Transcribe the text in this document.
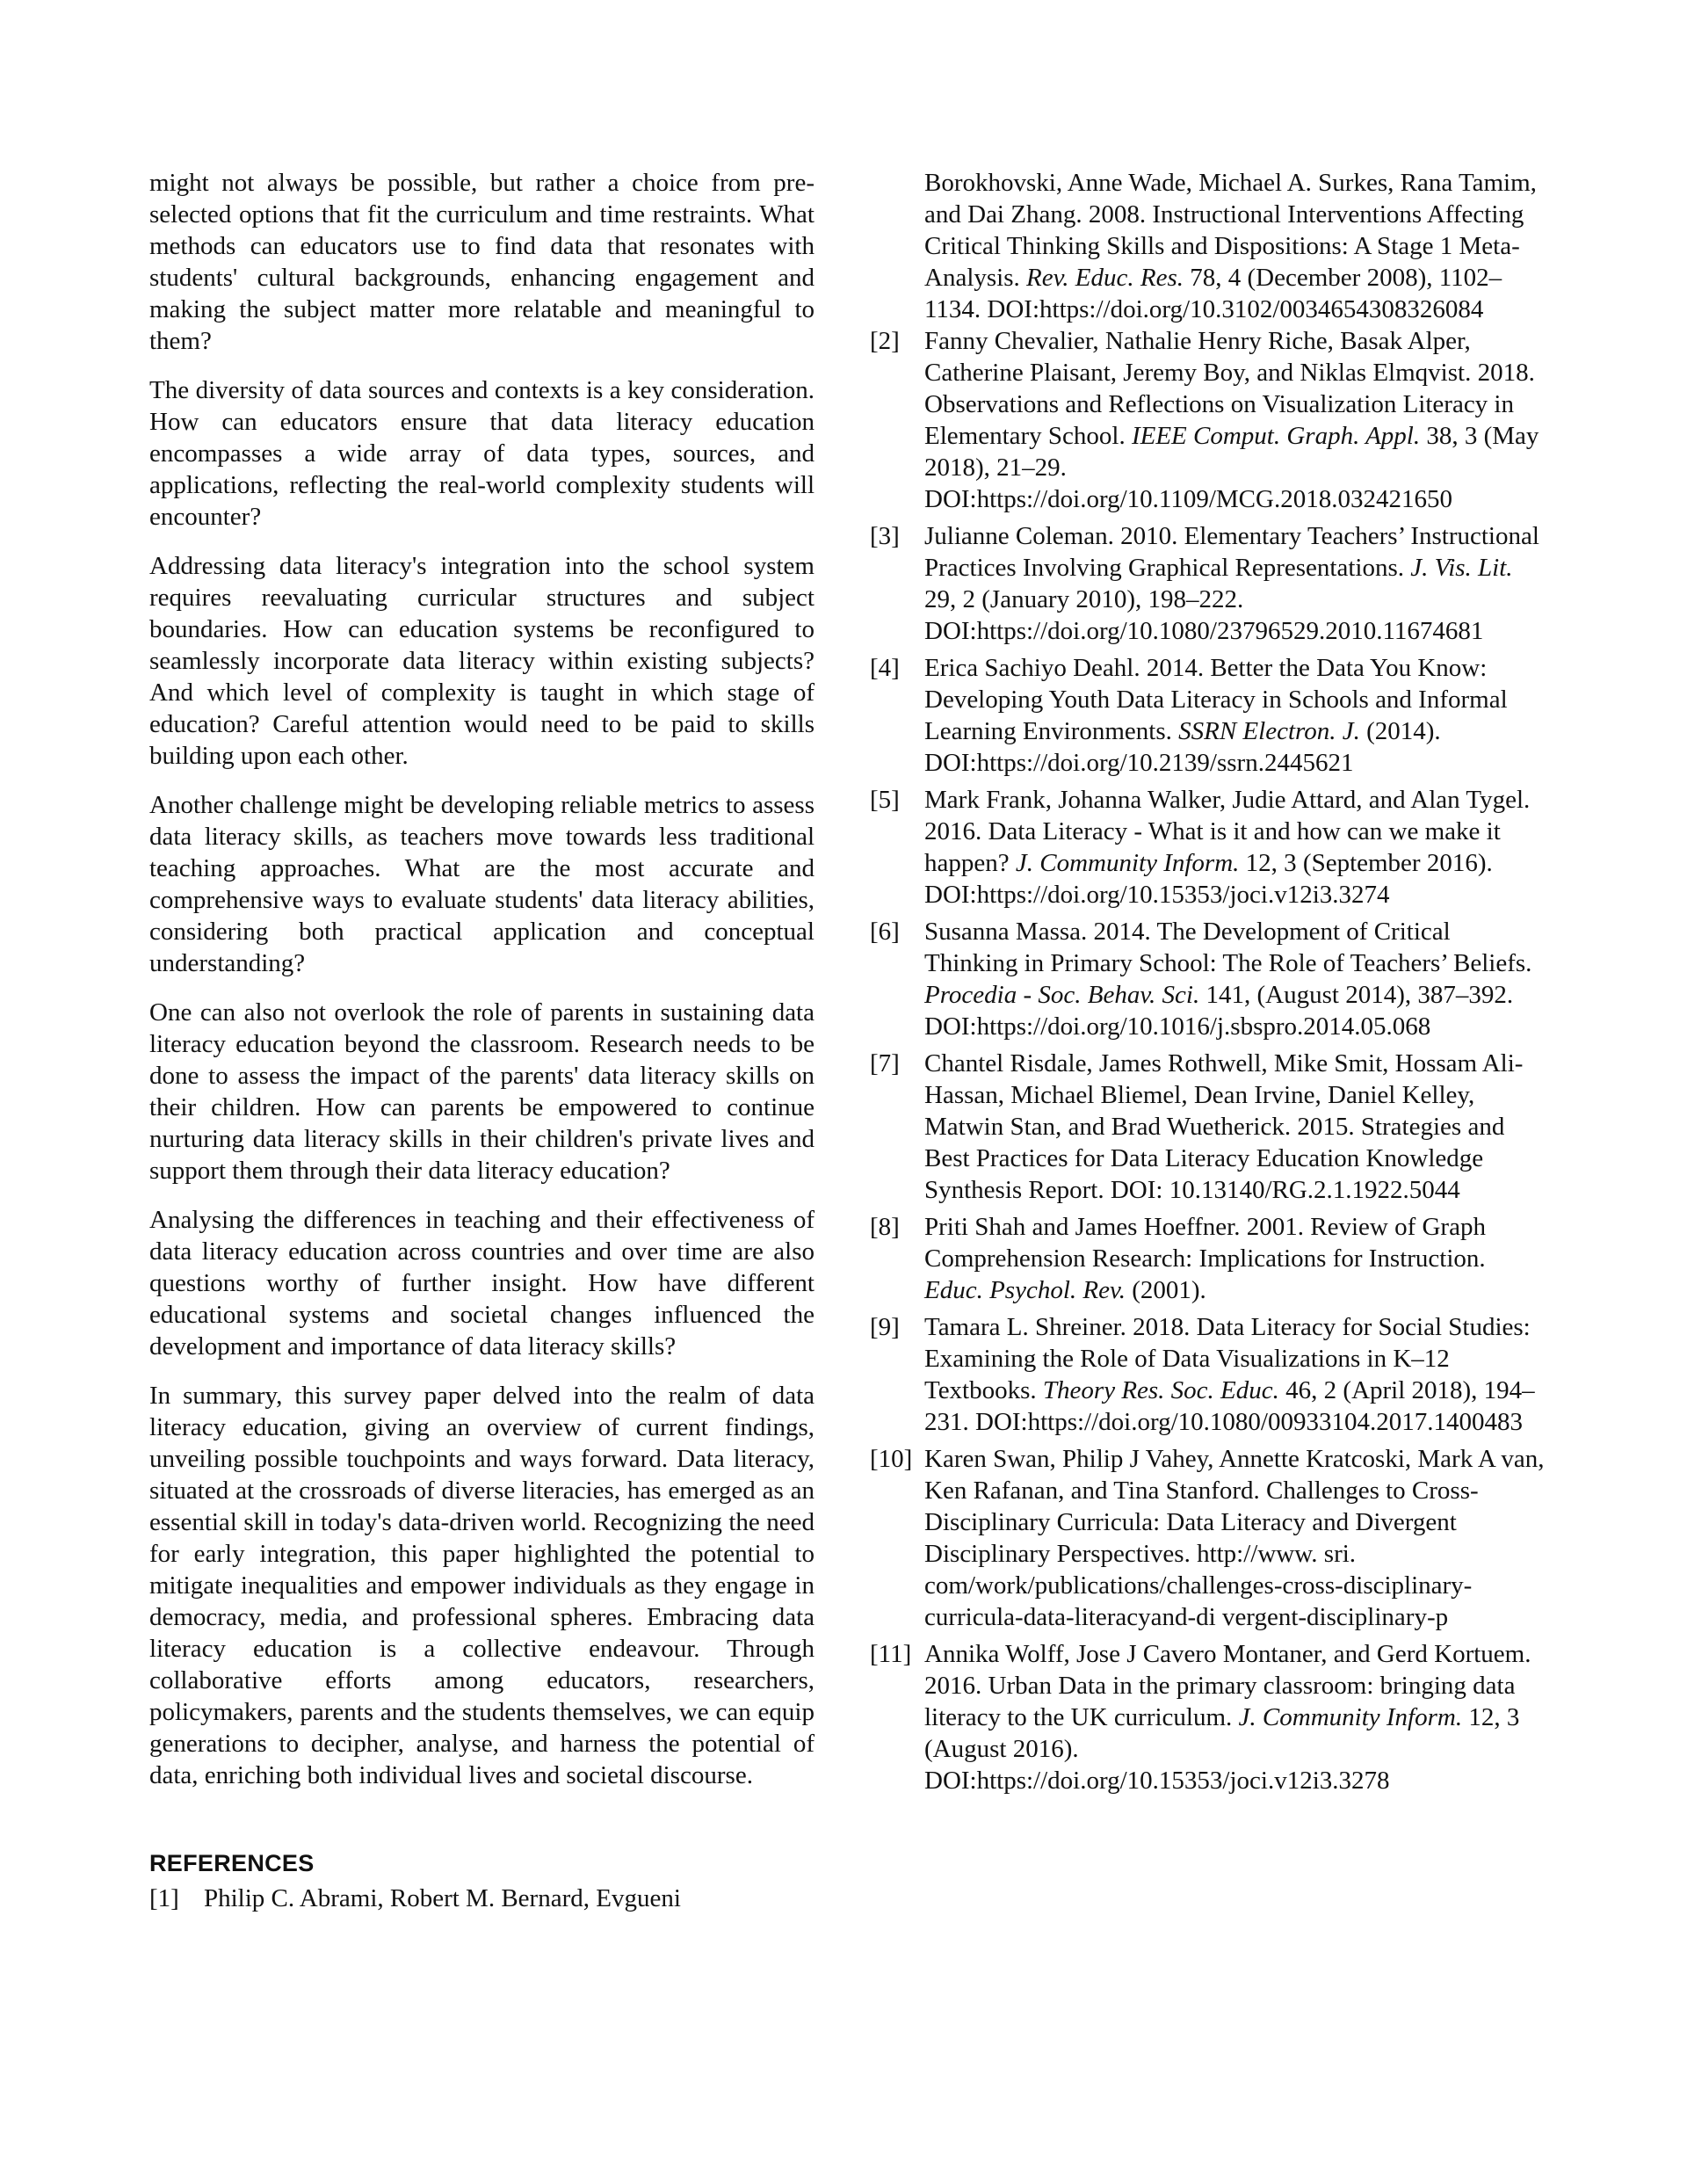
might not always be possible, but rather a choice from pre-selected options that fit the curriculum and time restraints. What methods can educators use to find data that resonates with students' cultural backgrounds, enhancing engagement and making the subject matter more relatable and meaningful to them?

The diversity of data sources and contexts is a key consideration. How can educators ensure that data literacy education encompasses a wide array of data types, sources, and applications, reflecting the real-world complexity students will encounter?

Addressing data literacy's integration into the school system requires reevaluating curricular structures and subject boundaries. How can education systems be reconfigured to seamlessly incorporate data literacy within existing subjects? And which level of complexity is taught in which stage of education? Careful attention would need to be paid to skills building upon each other.

Another challenge might be developing reliable metrics to assess data literacy skills, as teachers move towards less traditional teaching approaches. What are the most accurate and comprehensive ways to evaluate students' data literacy abilities, considering both practical application and conceptual understanding?

One can also not overlook the role of parents in sustaining data literacy education beyond the classroom. Research needs to be done to assess the impact of the parents' data literacy skills on their children. How can parents be empowered to continue nurturing data literacy skills in their children's private lives and support them through their data literacy education?

Analysing the differences in teaching and their effectiveness of data literacy education across countries and over time are also questions worthy of further insight. How have different educational systems and societal changes influenced the development and importance of data literacy skills?

In summary, this survey paper delved into the realm of data literacy education, giving an overview of current findings, unveiling possible touchpoints and ways forward. Data literacy, situated at the crossroads of diverse literacies, has emerged as an essential skill in today's data-driven world. Recognizing the need for early integration, this paper highlighted the potential to mitigate inequalities and empower individuals as they engage in democracy, media, and professional spheres. Embracing data literacy education is a collective endeavour. Through collaborative efforts among educators, researchers, policymakers, parents and the students themselves, we can equip generations to decipher, analyse, and harness the potential of data, enriching both individual lives and societal discourse.

REFERENCES
[1] Philip C. Abrami, Robert M. Bernard, Evgueni
Borokhovski, Anne Wade, Michael A. Surkes, Rana Tamim, and Dai Zhang. 2008. Instructional Interventions Affecting Critical Thinking Skills and Dispositions: A Stage 1 Meta-Analysis. Rev. Educ. Res. 78, 4 (December 2008), 1102–1134. DOI:https://doi.org/10.3102/0034654308326084
[2] Fanny Chevalier, Nathalie Henry Riche, Basak Alper, Catherine Plaisant, Jeremy Boy, and Niklas Elmqvist. 2018. Observations and Reflections on Visualization Literacy in Elementary School. IEEE Comput. Graph. Appl. 38, 3 (May 2018), 21–29. DOI:https://doi.org/10.1109/MCG.2018.032421650
[3] Julianne Coleman. 2010. Elementary Teachers’ Instructional Practices Involving Graphical Representations. J. Vis. Lit. 29, 2 (January 2010), 198–222. DOI:https://doi.org/10.1080/23796529.2010.11674681
[4] Erica Sachiyo Deahl. 2014. Better the Data You Know: Developing Youth Data Literacy in Schools and Informal Learning Environments. SSRN Electron. J. (2014). DOI:https://doi.org/10.2139/ssrn.2445621
[5] Mark Frank, Johanna Walker, Judie Attard, and Alan Tygel. 2016. Data Literacy - What is it and how can we make it happen? J. Community Inform. 12, 3 (September 2016). DOI:https://doi.org/10.15353/joci.v12i3.3274
[6] Susanna Massa. 2014. The Development of Critical Thinking in Primary School: The Role of Teachers’ Beliefs. Procedia - Soc. Behav. Sci. 141, (August 2014), 387–392. DOI:https://doi.org/10.1016/j.sbspro.2014.05.068
[7] Chantel Risdale, James Rothwell, Mike Smit, Hossam Ali-Hassan, Michael Bliemel, Dean Irvine, Daniel Kelley, Matwin Stan, and Brad Wuetherick. 2015. Strategies and Best Practices for Data Literacy Education Knowledge Synthesis Report. DOI: 10.13140/RG.2.1.1922.5044
[8] Priti Shah and James Hoeffner. 2001. Review of Graph Comprehension Research: Implications for Instruction. Educ. Psychol. Rev. (2001).
[9] Tamara L. Shreiner. 2018. Data Literacy for Social Studies: Examining the Role of Data Visualizations in K–12 Textbooks. Theory Res. Soc. Educ. 46, 2 (April 2018), 194–231. DOI:https://doi.org/10.1080/00933104.2017.1400483
[10] Karen Swan, Philip J Vahey, Annette Kratcoski, Mark A van, Ken Rafanan, and Tina Stanford. Challenges to Cross-Disciplinary Curricula: Data Literacy and Divergent Disciplinary Perspectives. http://www. sri. com/work/publications/challenges-cross-disciplinary-curricula-data-literacyand-di vergent-disciplinary-p
[11] Annika Wolff, Jose J Cavero Montaner, and Gerd Kortuem. 2016. Urban Data in the primary classroom: bringing data literacy to the UK curriculum. J. Community Inform. 12, 3 (August 2016). DOI:https://doi.org/10.15353/joci.v12i3.3278
